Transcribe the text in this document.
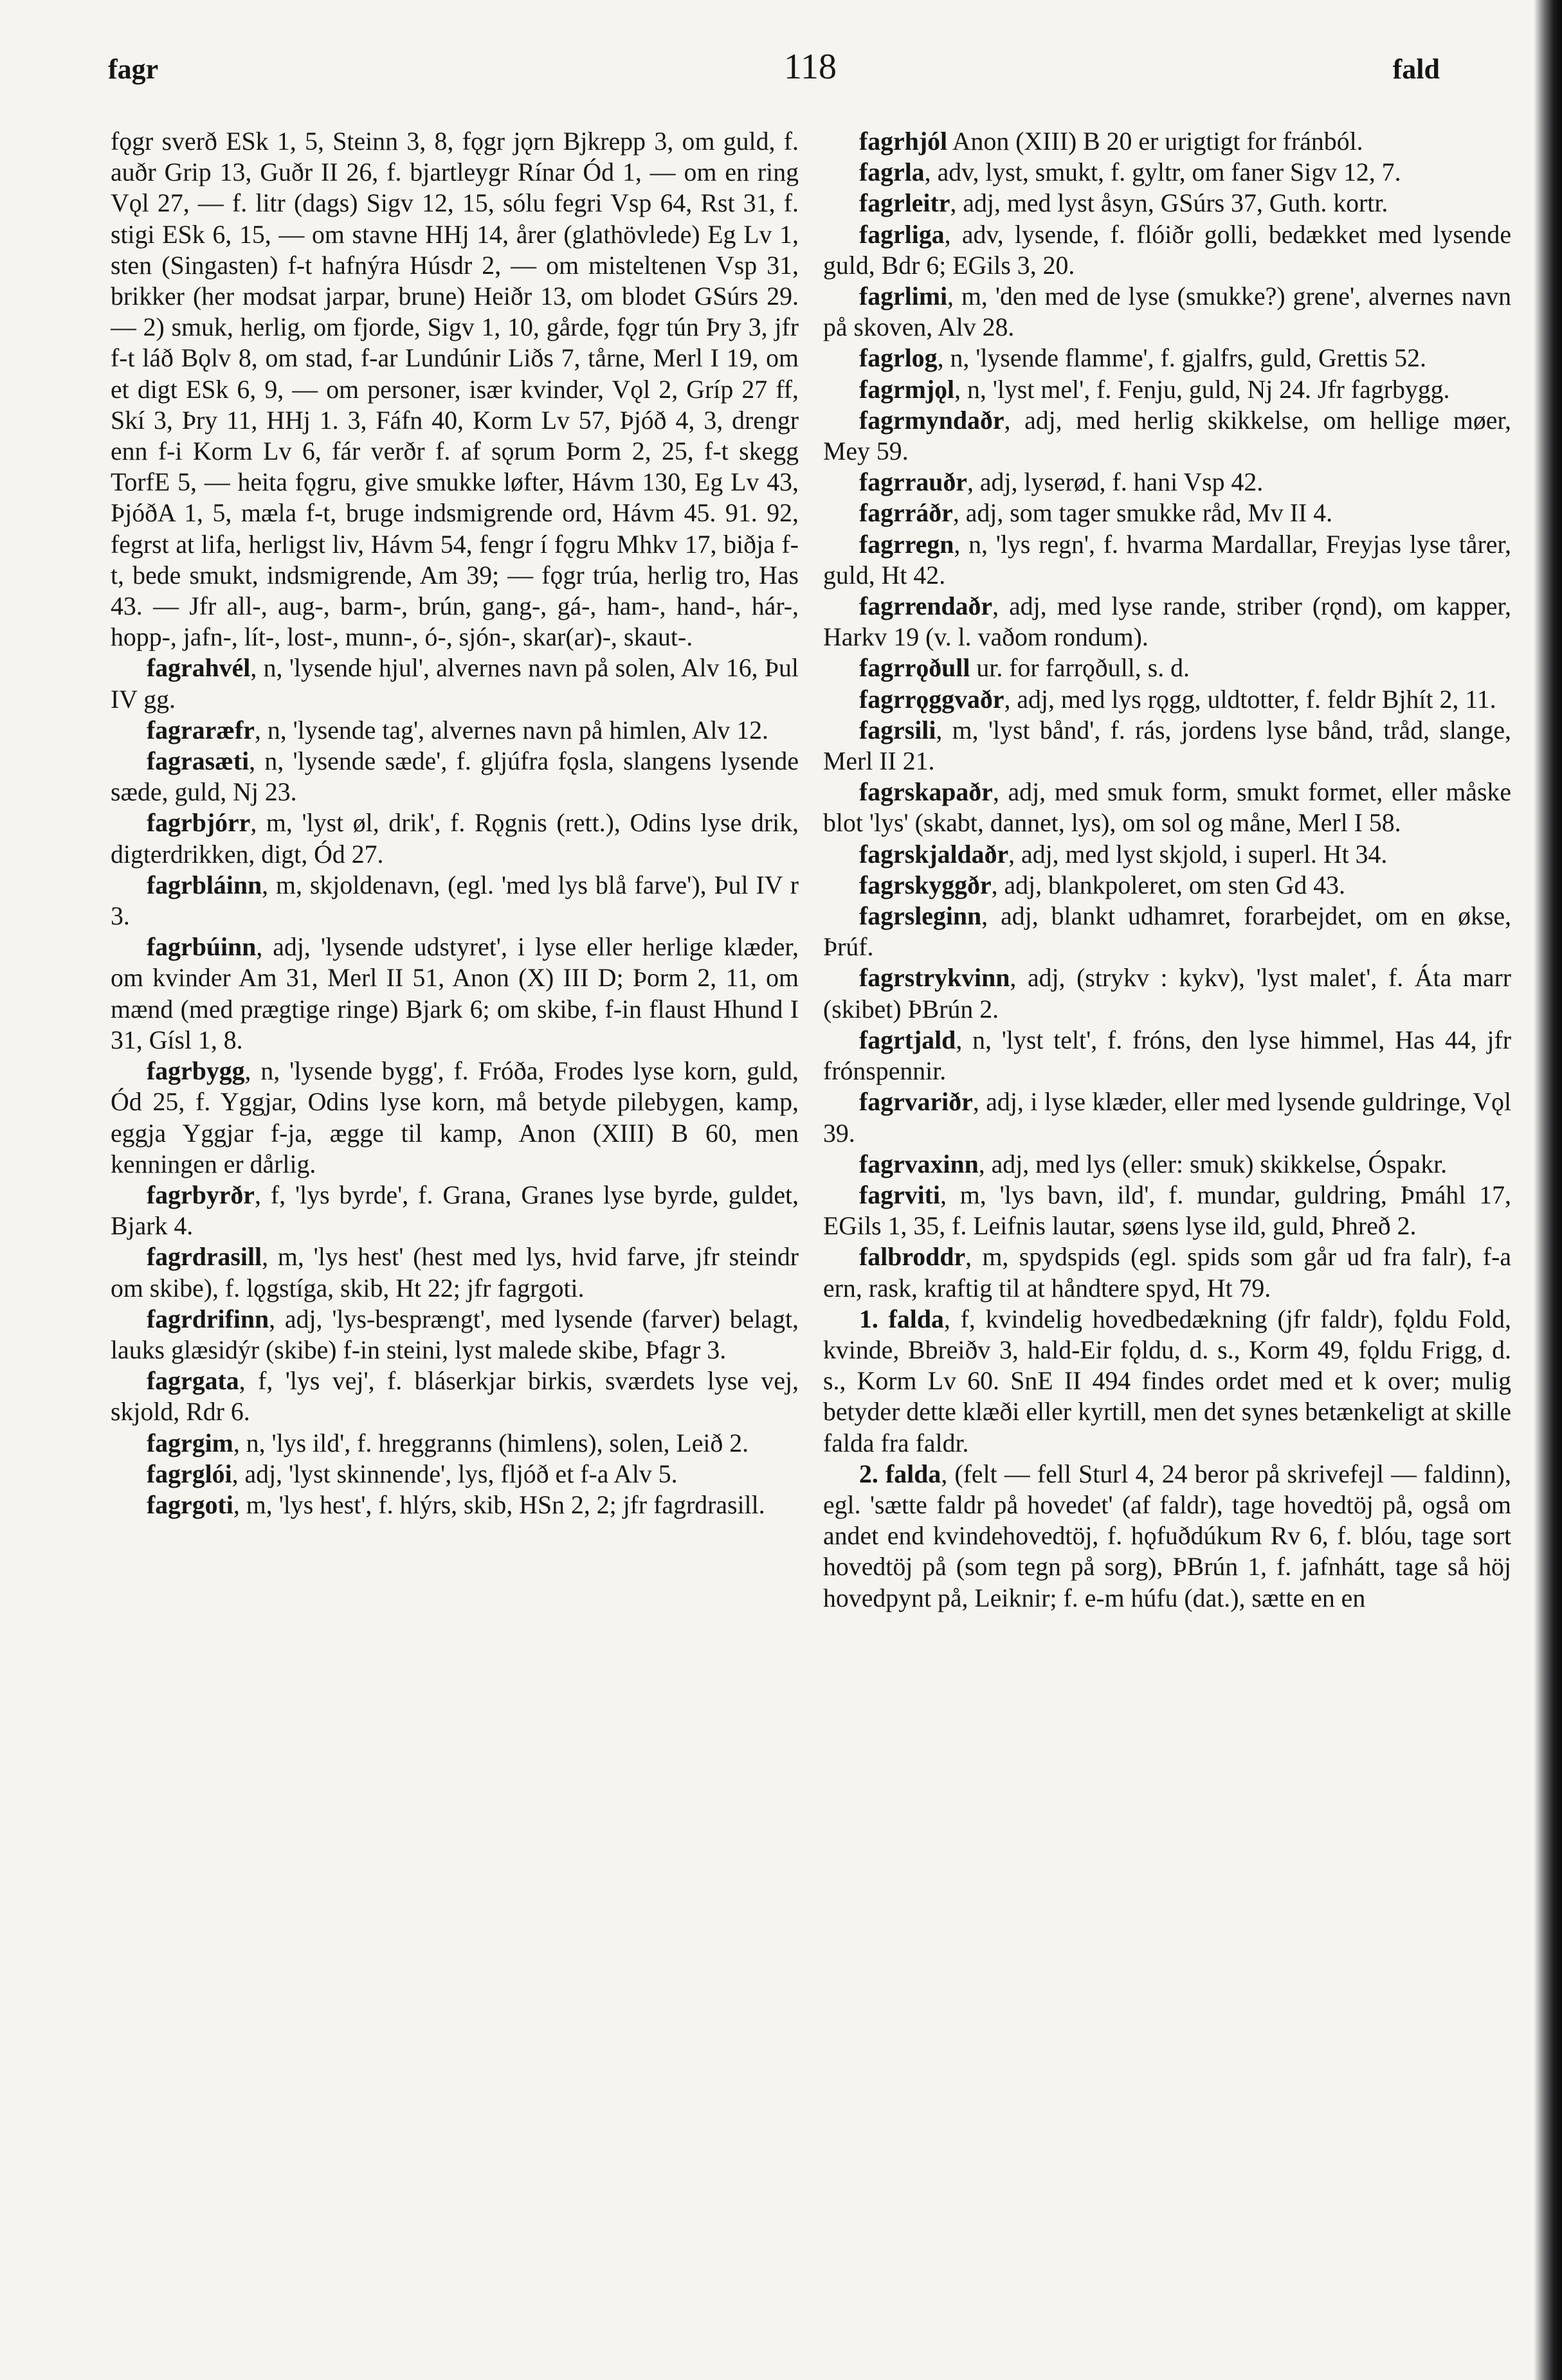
fagr	118	fald

fǫgr sverð ESk 1, 5, Steinn 3, 8, fǫgr jǫrn Bjkrepp 3, om guld, f. auðr Grip 13, Guðr II 26, f. bjartleygr Rínar Ód 1, — om en ring Vǫl 27, — f. litr (dags) Sigv 12, 15, sólu fegri Vsp 64, Rst 31, f. stigi ESk 6, 15, — om stavne HHj 14, årer (glathövlede) Eg Lv 1, sten (Singasten) f-t hafnýra Húsdr 2, — om misteltenen Vsp 31, brikker (her modsat jarpar, brune) Heiðr 13, om blodet GSúrs 29. — 2) smuk, herlig, om fjorde, Sigv 1, 10, gårde, fǫgr tún Þry 3, jfr f-t láð Bǫlv 8, om stad, f-ar Lundúnir Liðs 7, tårne, Merl I 19, om et digt ESk 6, 9, — om personer, især kvinder, Vǫl 2, Gríp 27 ff, Skí 3, Þry 11, HHj 1. 3, Fáfn 40, Korm Lv 57, Þjóð 4, 3, drengr enn f-i Korm Lv 6, fár verðr f. af sǫrum Þorm 2, 25, f-t skegg TorfE 5, — heita fǫgru, give smukke løfter, Hávm 130, Eg Lv 43, ÞjóðA 1, 5, mæla f-t, bruge indsmigrende ord, Hávm 45. 91. 92, fegrst at lifa, herligst liv, Hávm 54, fengr í fǫgru Mhkv 17, biðja f-t, bede smukt, indsmigrende, Am 39; — fǫgr trúa, herlig tro, Has 43. — Jfr all-, aug-, barm-, brún, gang-, gá-, ham-, hand-, hár-, hopp-, jafn-, lít-, lost-, munn-, ó-, sjón-, skar(ar)-, skaut-.

fagrahvél, n, 'lysende hjul', alvernes navn på solen, Alv 16, Þul IV gg.

fagraræfr, n, 'lysende tag', alvernes navn på himlen, Alv 12.

fagrasæti, n, 'lysende sæde', f. gljúfra fǫsla, slangens lysende sæde, guld, Nj 23.

fagrbjórr, m, 'lyst øl, drik', f. Rǫgnis (rett.), Odins lyse drik, digterdrikken, digt, Ód 27.

fagrbláinn, m, skjoldenavn, (egl. 'med lys blå farve'), Þul IV r 3.

fagrbúinn, adj, 'lysende udstyret', i lyse eller herlige klæder, om kvinder Am 31, Merl II 51, Anon (X) III D; Þorm 2, 11, om mænd (med prægtige ringe) Bjark 6; om skibe, f-in flaust Hhund I 31, Gísl 1, 8.

fagrbygg, n, 'lysende bygg', f. Fróða, Frodes lyse korn, guld, Ód 25, f. Yggjar, Odins lyse korn, må betyde pilebygen, kamp, eggja Yggjar f-ja, ægge til kamp, Anon (XIII) B 60, men kenningen er dårlig.

fagrbyrðr, f, 'lys byrde', f. Grana, Granes lyse byrde, guldet, Bjark 4.

fagrdrasill, m, 'lys hest' (hest med lys, hvid farve, jfr steindr om skibe), f. lǫgstíga, skib, Ht 22; jfr fagrgoti.

fagrdrifinn, adj, 'lys-besprængt', med lysende (farver) belagt, lauks glæsidýr (skibe) f-in steini, lyst malede skibe, Þfagr 3.

fagrgata, f, 'lys vej', f. bláserkjar birkis, sværdets lyse vej, skjold, Rdr 6.

fagrgim, n, 'lys ild', f. hreggranns (himlens), solen, Leið 2.

fagrglói, adj, 'lyst skinnende', lys, fljóð et f-a Alv 5.

fagrgoti, m, 'lys hest', f. hlýrs, skib, HSn 2, 2; jfr fagrdrasill.

fagrhjól Anon (XIII) B 20 er urigtigt for fránból.

fagrla, adv, lyst, smukt, f. gyltr, om faner Sigv 12, 7.

fagrleitr, adj, med lyst åsyn, GSúrs 37, Guth. kortr.

fagrliga, adv, lysende, f. flóiðr golli, bedækket med lysende guld, Bdr 6; EGils 3, 20.

fagrlimi, m, 'den med de lyse (smukke?) grene', alvernes navn på skoven, Alv 28.

fagrlog, n, 'lysende flamme', f. gjalfrs, guld, Grettis 52.

fagrmjǫl, n, 'lyst mel', f. Fenju, guld, Nj 24. Jfr fagrbygg.

fagrmyndaðr, adj, med herlig skikkelse, om hellige møer, Mey 59.

fagrrauðr, adj, lyserød, f. hani Vsp 42.

fagrráðr, adj, som tager smukke råd, Mv II 4.

fagrregn, n, 'lys regn', f. hvarma Mardallar, Freyjas lyse tårer, guld, Ht 42.

fagrrendaðr, adj, med lyse rande, striber (rǫnd), om kapper, Harkv 19 (v. l. vaðom rondum).

fagrrǫðull ur. for farrǫðull, s. d.

fagrrǫggvaðr, adj, med lys rǫgg, uldtotter, f. feldr Bjhít 2, 11.

fagrsili, m, 'lyst bånd', f. rás, jordens lyse bånd, tråd, slange, Merl II 21.

fagrskapaðr, adj, med smuk form, smukt formet, eller måske blot 'lys' (skabt, dannet, lys), om sol og måne, Merl I 58.

fagrskjaldaðr, adj, med lyst skjold, i superl. Ht 34.

fagrskyggðr, adj, blankpoleret, om sten Gd 43.

fagrsleginn, adj, blankt udhamret, forarbejdet, om en økse, Þrúf.

fagrstrykvinn, adj, (strykv : kykv), 'lyst malet', f. Áta marr (skibet) ÞBrún 2.

fagrtjald, n, 'lyst telt', f. fróns, den lyse himmel, Has 44, jfr frónspennir.

fagrvariðr, adj, i lyse klæder, eller med lysende guldringe, Vǫl 39.

fagrvaxinn, adj, med lys (eller: smuk) skikkelse, Óspakr.

fagrviti, m, 'lys bavn, ild', f. mundar, guldring, Þmáhl 17, EGils 1, 35, f. Leifnis lautar, søens lyse ild, guld, Þhreð 2.

falbroddr, m, spydspids (egl. spids som går ud fra falr), f-a ern, rask, kraftig til at håndtere spyd, Ht 79.

1. falda, f, kvindelig hovedbedækning (jfr faldr), fǫldu Fold, kvinde, Bbreiðv 3, hald-Eir fǫldu, d. s., Korm 49, fǫldu Frigg, d. s., Korm Lv 60. SnE II 494 findes ordet med et k over; mulig betyder dette klæði eller kyrtill, men det synes betænkeligt at skille falda fra faldr.

2. falda, (felt — fell Sturl 4, 24 beror på skrivefejl — faldinn), egl. 'sætte faldr på hovedet' (af faldr), tage hovedtöj på, også om andet end kvindehovedtöj, f. hǫfuðdúkum Rv 6, f. blóu, tage sort hovedtöj på (som tegn på sorg), ÞBrún 1, f. jafnhátt, tage så höj hovedpynt på, Leiknir; f. e-m húfu (dat.), sætte en en
